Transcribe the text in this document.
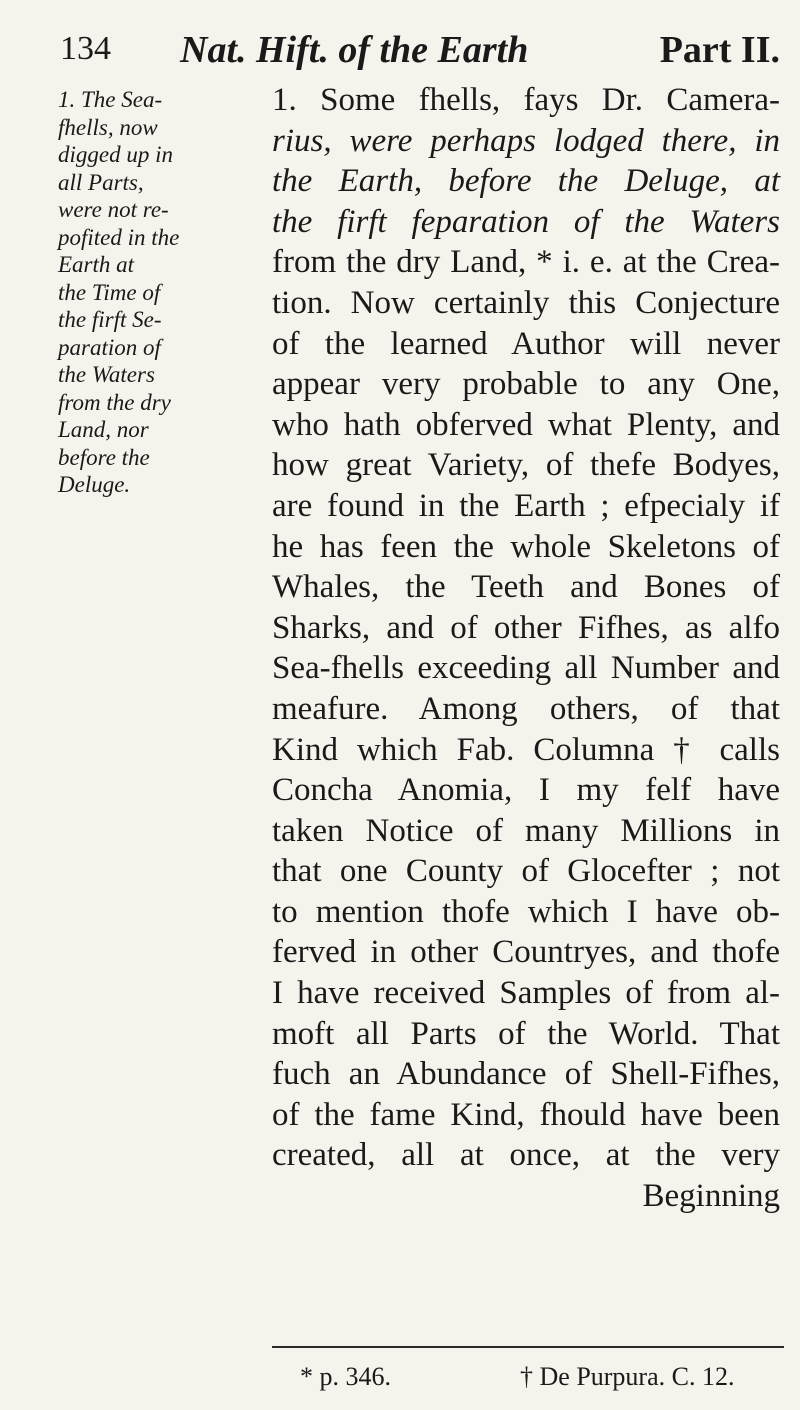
134 Nat. Hift. of the Earth	Part II.
1. The Sea-
fhells, now
digged up in
all Parts,
were not re-
pofited in the
Earth at
the Time of
the firft Se-
paration of
the Waters
from the dry
Land, nor
before the
Deluge.
1. Some fhells, fays Dr. Camera-
rius, were perhaps lodged there, in
the Earth, before the Deluge, at
the firft feparation of the Waters
from the dry Land, * i. e. at the Crea-
tion. Now certainly this Conjecture
of the learned Author will never
appear very probable to any One,
who hath obferved what Plenty, and
how great Variety, of thefe Bodyes,
are found in the Earth ; efpecialy if
he has feen the whole Skeletons of
Whales, the Teeth and Bones of
Sharks, and of other Fifhes, as alfo
Sea-fhells exceeding all Number and
meafure. Among others, of that
Kind which Fab. Columna † calls
Concha Anomia, I my felf have
taken Notice of many Millions in
that one County of Glocefter ; not
to mention thofe which I have ob-
ferved in other Countryes, and thofe
I have received Samples of from al-
moft all Parts of the World. That
fuch an Abundance of Shell-Fifhes,
of the fame Kind, fhould have been
created, all at once, at the very
Beginning
* p. 346.	† De Purpura. C. 12.
